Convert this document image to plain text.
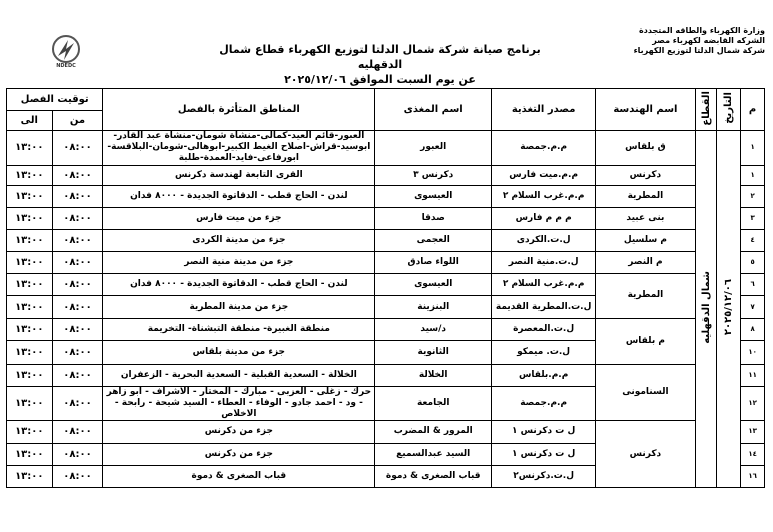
وزارة الكهرباء والطاقه المتجددة
الشركه القابضه لكهرباء مصر
شركة شمال الدلتا لتوزيع الكهرباء
برنامج صيانة شركة شمال الدلتا لتوزيع الكهرباء قطاع شمال الدقهليه
عن يوم السبت الموافق ٢٠٢٥/١٢/٠٦
NDEDC
م	التاريخ	القطاع	اسم الهندسة	مصدر التغذية	اسم المغذى	المناطق المتأثرة بالفصل	توقيت الفصل	
							من	الى
١	٢٠٢٥/١٢/٠٦	شمال الدقهليه	ق بلقاس	م.م.جمصة	العبور	العبور-قائم العيد-كمالى-منشاة شومان-منشاة عبد القادر-ابوسيد-قراش-اصلاح الغيط الكبير-ابوهالى-شومان-البلاقسة-ابورفاعى-فايد-العمدة-طلبة	٠٨:٠٠	١٣:٠٠
١			دكرنس	م.م.ميت فارس	دكرنس ٣	القرى التابعة لهندسة دكرنس	٠٨:٠٠	١٣:٠٠
٢			المطرية	م.م.غرب السلام ٢	العيسوى	لندن - الحاج قطب - الدقاتوة الجديدة - ٨٠٠٠ فدان	٠٨:٠٠	١٣:٠٠
٣			بنى عبيد	م م م فارس	صدقا	جزء من ميت فارس	٠٨:٠٠	١٣:٠٠
٤			م سلسيل	ل.ت.الكردى	العجمى	جزء من مدينة الكردى	٠٨:٠٠	١٣:٠٠
٥			م النصر	ل.ت.منية النصر	اللواء صادق	جزء من مدينة منية النصر	٠٨:٠٠	١٣:٠٠
٦			المطرية	م.م.غرب السلام ٢	العيسوى	لندن - الحاج قطب - الدقاتوة الجديدة - ٨٠٠٠ فدان	٠٨:٠٠	١٣:٠٠
٧				ل.ت.المطرية القديمة	البنزينة	جزء من مدينة المطرية	٠٨:٠٠	١٣:٠٠
٨			م بلقاس	ل.ت.المعصرة	د/سيد	منطقة الغبيرة- منطقة التبشناة- التخريمة	٠٨:٠٠	١٣:٠٠
١٠				ل.ت. ميمكو	الثانوية	جزء من مدينة بلقاس	٠٨:٠٠	١٣:٠٠
١١			السنامونى	م.م.بلقاس	الخلالة	الخلالة - السعدية القبلية - السعدية البحرية - الزعفران	٠٨:٠٠	١٣:٠٠
١٢				م.م.جمصة	الجامعة	حرك - زغلى - العزبى - مبارك - المختار - الاشراف - ابو زاهر - ود - احمد جادو - الوفاء - العطاء - السيد شيحة - رابحة - الاخلاص	٠٨:٠٠	١٣:٠٠
١٣			دكرنس	ل ت دكرنس ١	المرور & المضرب	جزء من دكرنس	٠٨:٠٠	١٣:٠٠
١٤				ل ت دكرنس ١	السيد عبدالسميع	جزء من دكرنس	٠٨:٠٠	١٣:٠٠
١٦				ل.ت.دكرنس٢	قباب الصغرى & دموة	قباب الصغرى & دموة	٠٨:٠٠	١٣:٠٠
